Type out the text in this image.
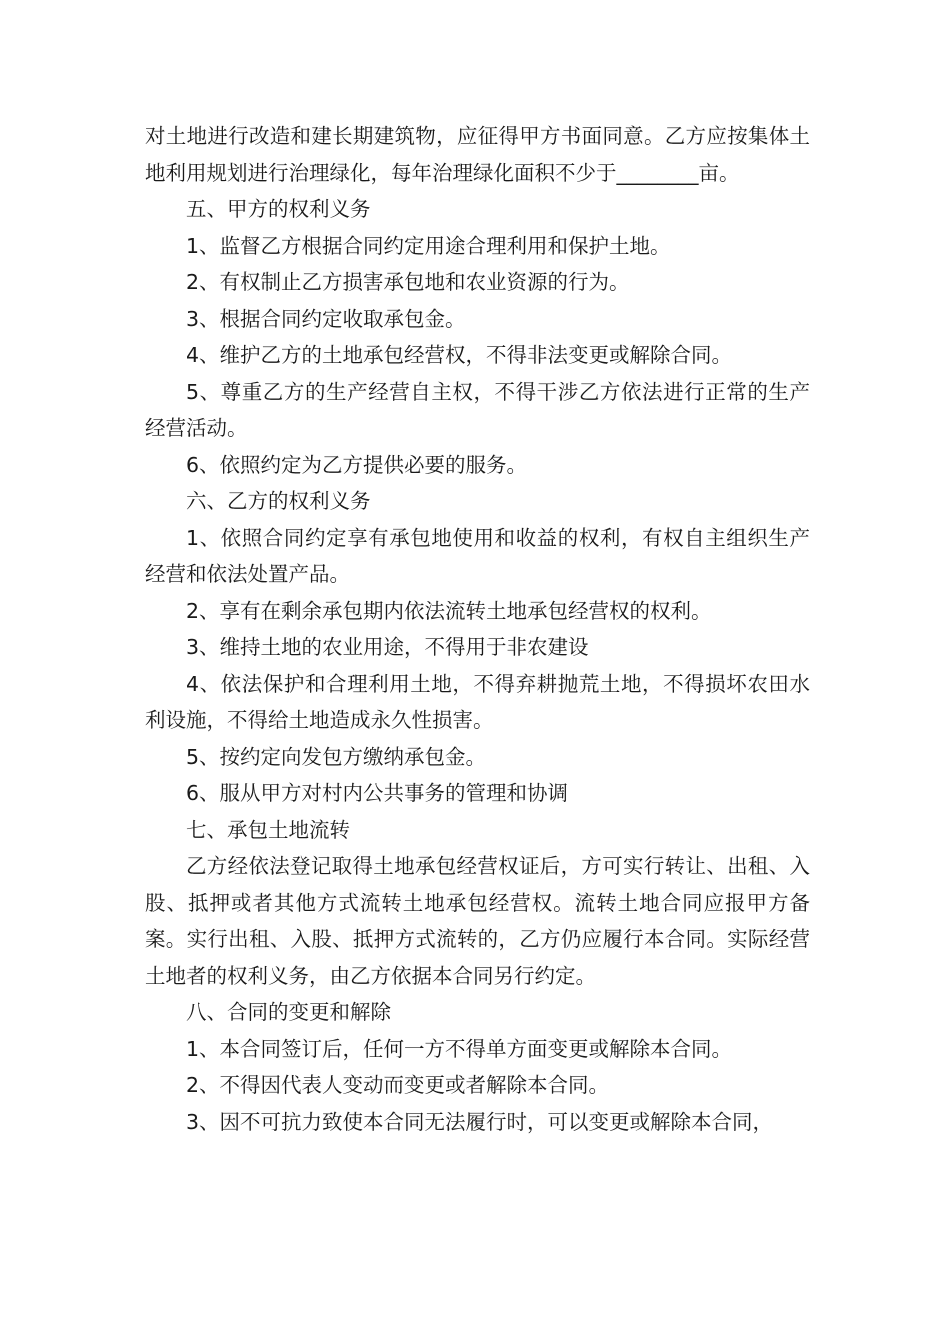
对土地进行改造和建长期建筑物，应征得甲方书面同意。乙方应按集体土地利用规划进行治理绿化，每年治理绿化面积不少于________亩。

五、甲方的权利义务

1、监督乙方根据合同约定用途合理利用和保护土地。

2、有权制止乙方损害承包地和农业资源的行为。

3、根据合同约定收取承包金。

4、维护乙方的土地承包经营权，不得非法变更或解除合同。

5、尊重乙方的生产经营自主权，不得干涉乙方依法进行正常的生产经营活动。

6、依照约定为乙方提供必要的服务。

六、乙方的权利义务

1、依照合同约定享有承包地使用和收益的权利，有权自主组织生产经营和依法处置产品。

2、享有在剩余承包期内依法流转土地承包经营权的权利。

3、维持土地的农业用途，不得用于非农建设

4、依法保护和合理利用土地，不得弃耕抛荒土地，不得损坏农田水利设施，不得给土地造成永久性损害。

5、按约定向发包方缴纳承包金。

6、服从甲方对村内公共事务的管理和协调

七、承包土地流转

乙方经依法登记取得土地承包经营权证后，方可实行转让、出租、入股、抵押或者其他方式流转土地承包经营权。流转土地合同应报甲方备案。实行出租、入股、抵押方式流转的，乙方仍应履行本合同。实际经营土地者的权利义务，由乙方依据本合同另行约定。

八、合同的变更和解除

1、本合同签订后，任何一方不得单方面变更或解除本合同。

2、不得因代表人变动而变更或者解除本合同。

3、因不可抗力致使本合同无法履行时，可以变更或解除本合同，
